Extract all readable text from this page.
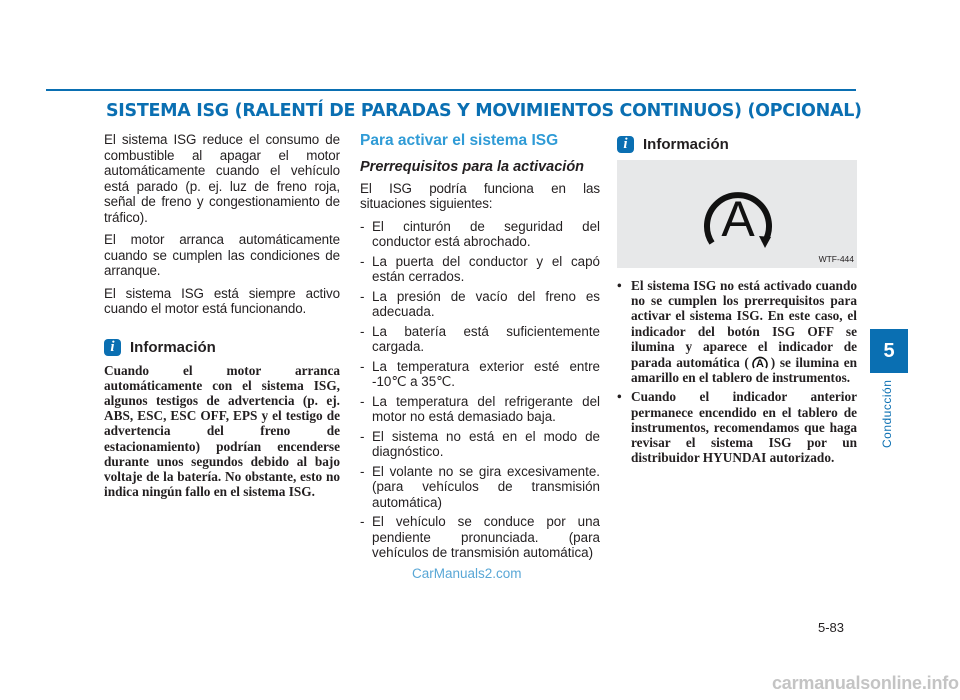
SISTEMA ISG (RALENTÍ DE PARADAS Y MOVIMIENTOS CONTINUOS) (OPCIONAL)

El sistema ISG reduce el consumo de combustible al apagar el motor automáticamente cuando el vehículo está parado (p. ej. luz de freno roja, señal de freno y congestionamiento de tráfico).

El motor arranca automáticamente cuando se cumplen las condiciones de arranque.

El sistema ISG está siempre activo cuando el motor está funcionando.

i	Información

Cuando el motor arranca automáticamente con el sistema ISG, algunos testigos de advertencia (p. ej. ABS, ESC, ESC OFF, EPS y el testigo de advertencia del freno de estacionamiento) podrían encenderse durante unos segundos debido al bajo voltaje de la batería. No obstante, esto no indica ningún fallo en el sistema ISG.

Para activar el sistema ISG
Prerrequisitos para la activación

El ISG podría funciona en las situaciones siguientes:

- El cinturón de seguridad del conductor está abrochado.
- La puerta del conductor y el capó están cerrados.
- La presión de vacío del freno es adecuada.
- La batería está suficientemente cargada.
- La temperatura exterior esté entre -10℃ a 35℃.
- La temperatura del refrigerante del motor no está demasiado baja.
- El sistema no está en el modo de diagnóstico.
- El volante no se gira excesivamente. (para vehículos de transmisión automática)
- El vehículo se conduce por una pendiente pronunciada. (para vehículos de transmisión automática)
i	Información
A
WTF-444
• El sistema ISG no está activado cuando no se cumplen los prerrequisitos para activar el sistema ISG. En este caso, el indicador del botón ISG OFF se ilumina y aparece el indicador de parada automática ( A ) se ilumina en amarillo en el tablero de instrumentos.
• Cuando el indicador anterior permanece encendido en el tablero de instrumentos, recomendamos que haga revisar el sistema ISG por un distribuidor HYUNDAI autorizado.
5
Conducción
5-83
CarManuals2.com
carmanualsonline.info
